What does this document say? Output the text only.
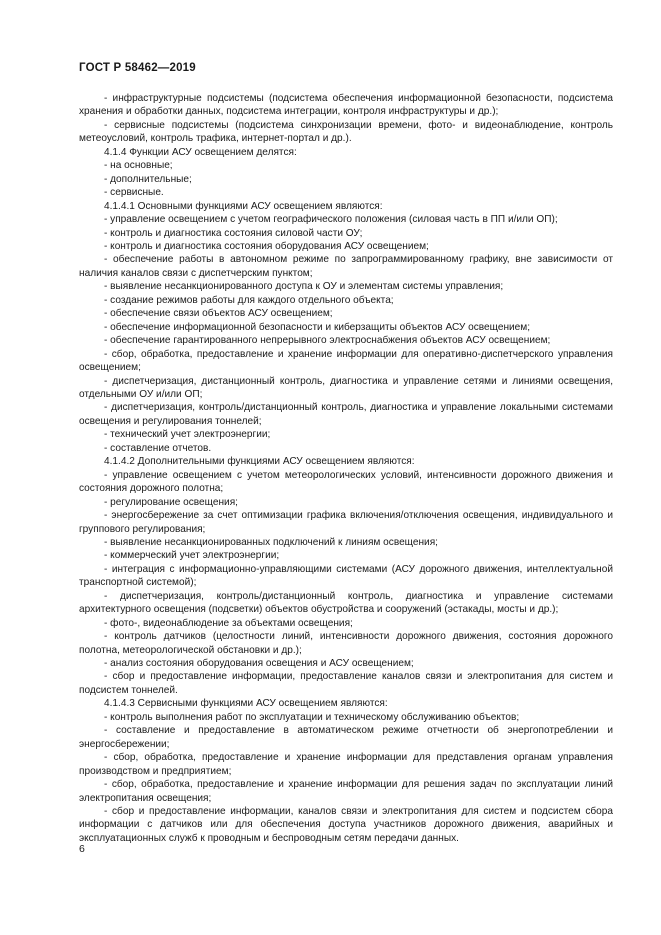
ГОСТ Р 58462—2019

- инфраструктурные подсистемы (подсистема обеспечения информационной безопасности, подсистема хранения и обработки данных, подсистема интеграции, контроля инфраструктуры и др.);

- сервисные подсистемы (подсистема синхронизации времени, фото- и видеонаблюдение, контроль метеоусловий, контроль трафика, интернет-портал и др.).

4.1.4 Функции АСУ освещением делятся:

- на основные;

- дополнительные;

- сервисные.

4.1.4.1 Основными функциями АСУ освещением являются:

- управление освещением с учетом географического положения (силовая часть в ПП и/или ОП);

- контроль и диагностика состояния силовой части ОУ;

- контроль и диагностика состояния оборудования АСУ освещением;

- обеспечение работы в автономном режиме по запрограммированному графику, вне зависимости от наличия каналов связи с диспетчерским пунктом;

- выявление несанкционированного доступа к ОУ и элементам системы управления;

- создание режимов работы для каждого отдельного объекта;

- обеспечение связи объектов АСУ освещением;

- обеспечение информационной безопасности и киберзащиты объектов АСУ освещением;

- обеспечение гарантированного непрерывного электроснабжения объектов АСУ освещением;

- сбор, обработка, предоставление и хранение информации для оперативно-диспетчерского управления освещением;

- диспетчеризация, дистанционный контроль, диагностика и управление сетями и линиями освещения, отдельными ОУ и/или ОП;

- диспетчеризация, контроль/дистанционный контроль, диагностика и управление локальными системами освещения и регулирования тоннелей;

- технический учет электроэнергии;

- составление отчетов.

4.1.4.2 Дополнительными функциями АСУ освещением являются:

- управление освещением с учетом метеорологических условий, интенсивности дорожного движения и состояния дорожного полотна;

- регулирование освещения;

- энергосбережение за счет оптимизации графика включения/отключения освещения, индивидуального и группового регулирования;

- выявление несанкционированных подключений к линиям освещения;

- коммерческий учет электроэнергии;

- интеграция с информационно-управляющими системами (АСУ дорожного движения, интеллектуальной транспортной системой);

- диспетчеризация, контроль/дистанционный контроль, диагностика и управление системами архитектурного освещения (подсветки) объектов обустройства и сооружений (эстакады, мосты и др.);

- фото-, видеонаблюдение за объектами освещения;

- контроль датчиков (целостности линий, интенсивности дорожного движения, состояния дорожного полотна, метеорологической обстановки и др.);

- анализ состояния оборудования освещения и АСУ освещением;

- сбор и предоставление информации, предоставление каналов связи и электропитания для систем и подсистем тоннелей.

4.1.4.3 Сервисными функциями АСУ освещением являются:

- контроль выполнения работ по эксплуатации и техническому обслуживанию объектов;

- составление и предоставление в автоматическом режиме отчетности об энергопотреблении и энергосбережении;

- сбор, обработка, предоставление и хранение информации для представления органам управления производством и предприятием;

- сбор, обработка, предоставление и хранение информации для решения задач по эксплуатации линий электропитания освещения;

- сбор и предоставление информации, каналов связи и электропитания для систем и подсистем сбора информации с датчиков или для обеспечения доступа участников дорожного движения, аварийных и эксплуатационных служб к проводным и беспроводным сетям передачи данных.

6
